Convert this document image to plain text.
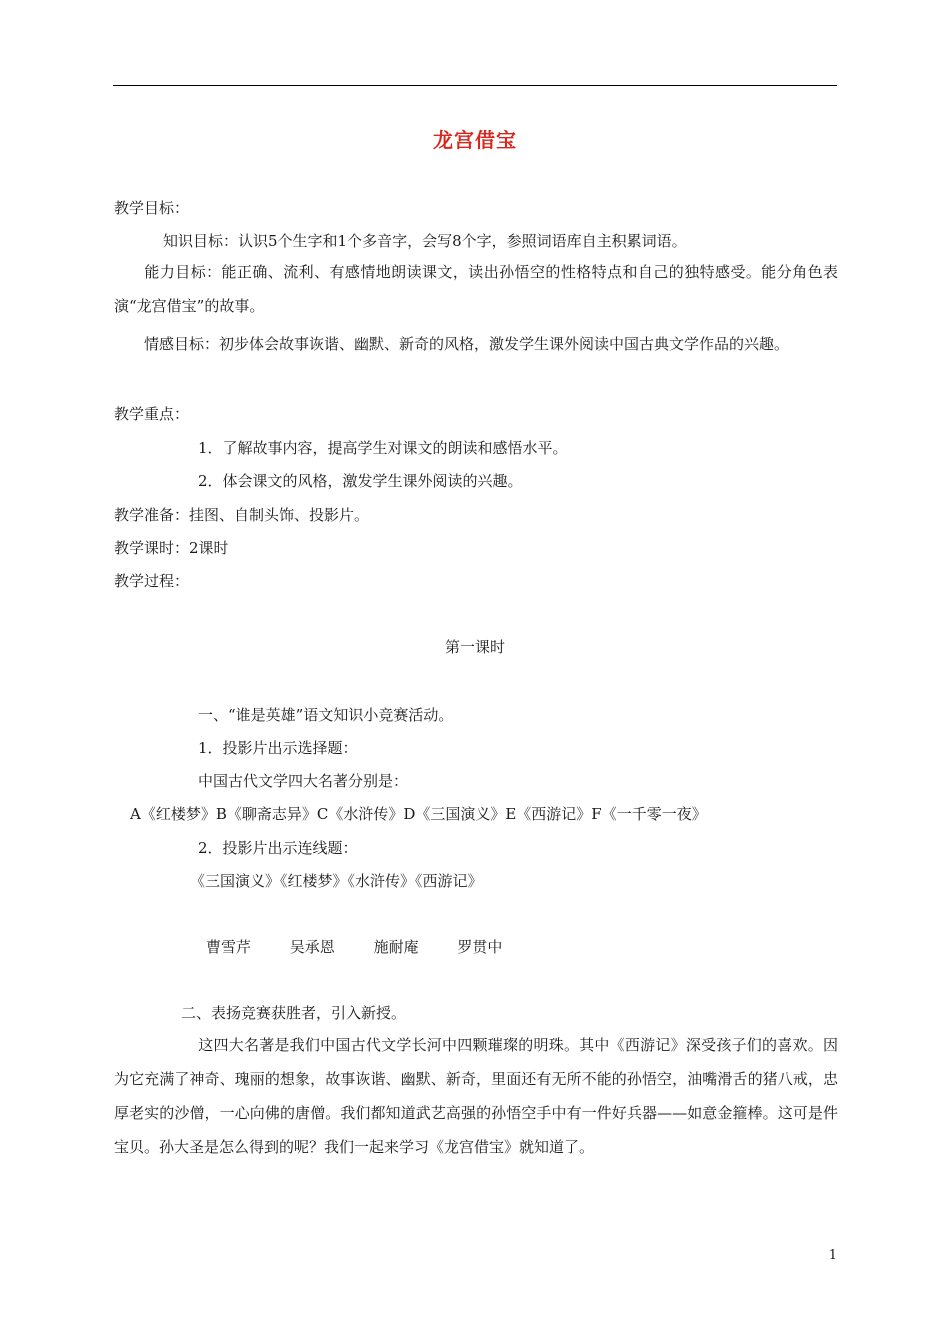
龙宫借宝
教学目标：
知识目标：认识5个生字和1个多音字，会写8个字，参照词语库自主积累词语。
能力目标：能正确、流利、有感情地朗读课文，读出孙悟空的性格特点和自己的独特感受。能分角色表演“龙宫借宝”的故事。
情感目标：初步体会故事诙谐、幽默、新奇的风格，激发学生课外阅读中国古典文学作品的兴趣。
教学重点：
1．了解故事内容，提高学生对课文的朗读和感悟水平。
2．体会课文的风格，激发学生课外阅读的兴趣。
教学准备：挂图、自制头饰、投影片。
教学课时：2课时
教学过程：
第一课时
一、“谁是英雄”语文知识小竞赛活动。
1．投影片出示选择题：
中国古代文学四大名著分别是：
A《红楼梦》B《聊斋志异》C《水浒传》D《三国演义》E《西游记》F《一千零一夜》
2．投影片出示连线题：
《三国演义》《红楼梦》《水浒传》《西游记》
曹雪芹	吴承恩	施耐庵	罗贯中
二、表扬竞赛获胜者，引入新授。
这四大名著是我们中国古代文学长河中四颗璀璨的明珠。其中《西游记》深受孩子们的喜欢。因为它充满了神奇、瑰丽的想象，故事诙谐、幽默、新奇，里面还有无所不能的孙悟空，油嘴滑舌的猪八戒，忠厚老实的沙僧，一心向佛的唐僧。我们都知道武艺高强的孙悟空手中有一件好兵器——如意金箍棒。这可是件宝贝。孙大圣是怎么得到的呢？我们一起来学习《龙宫借宝》就知道了。
1
